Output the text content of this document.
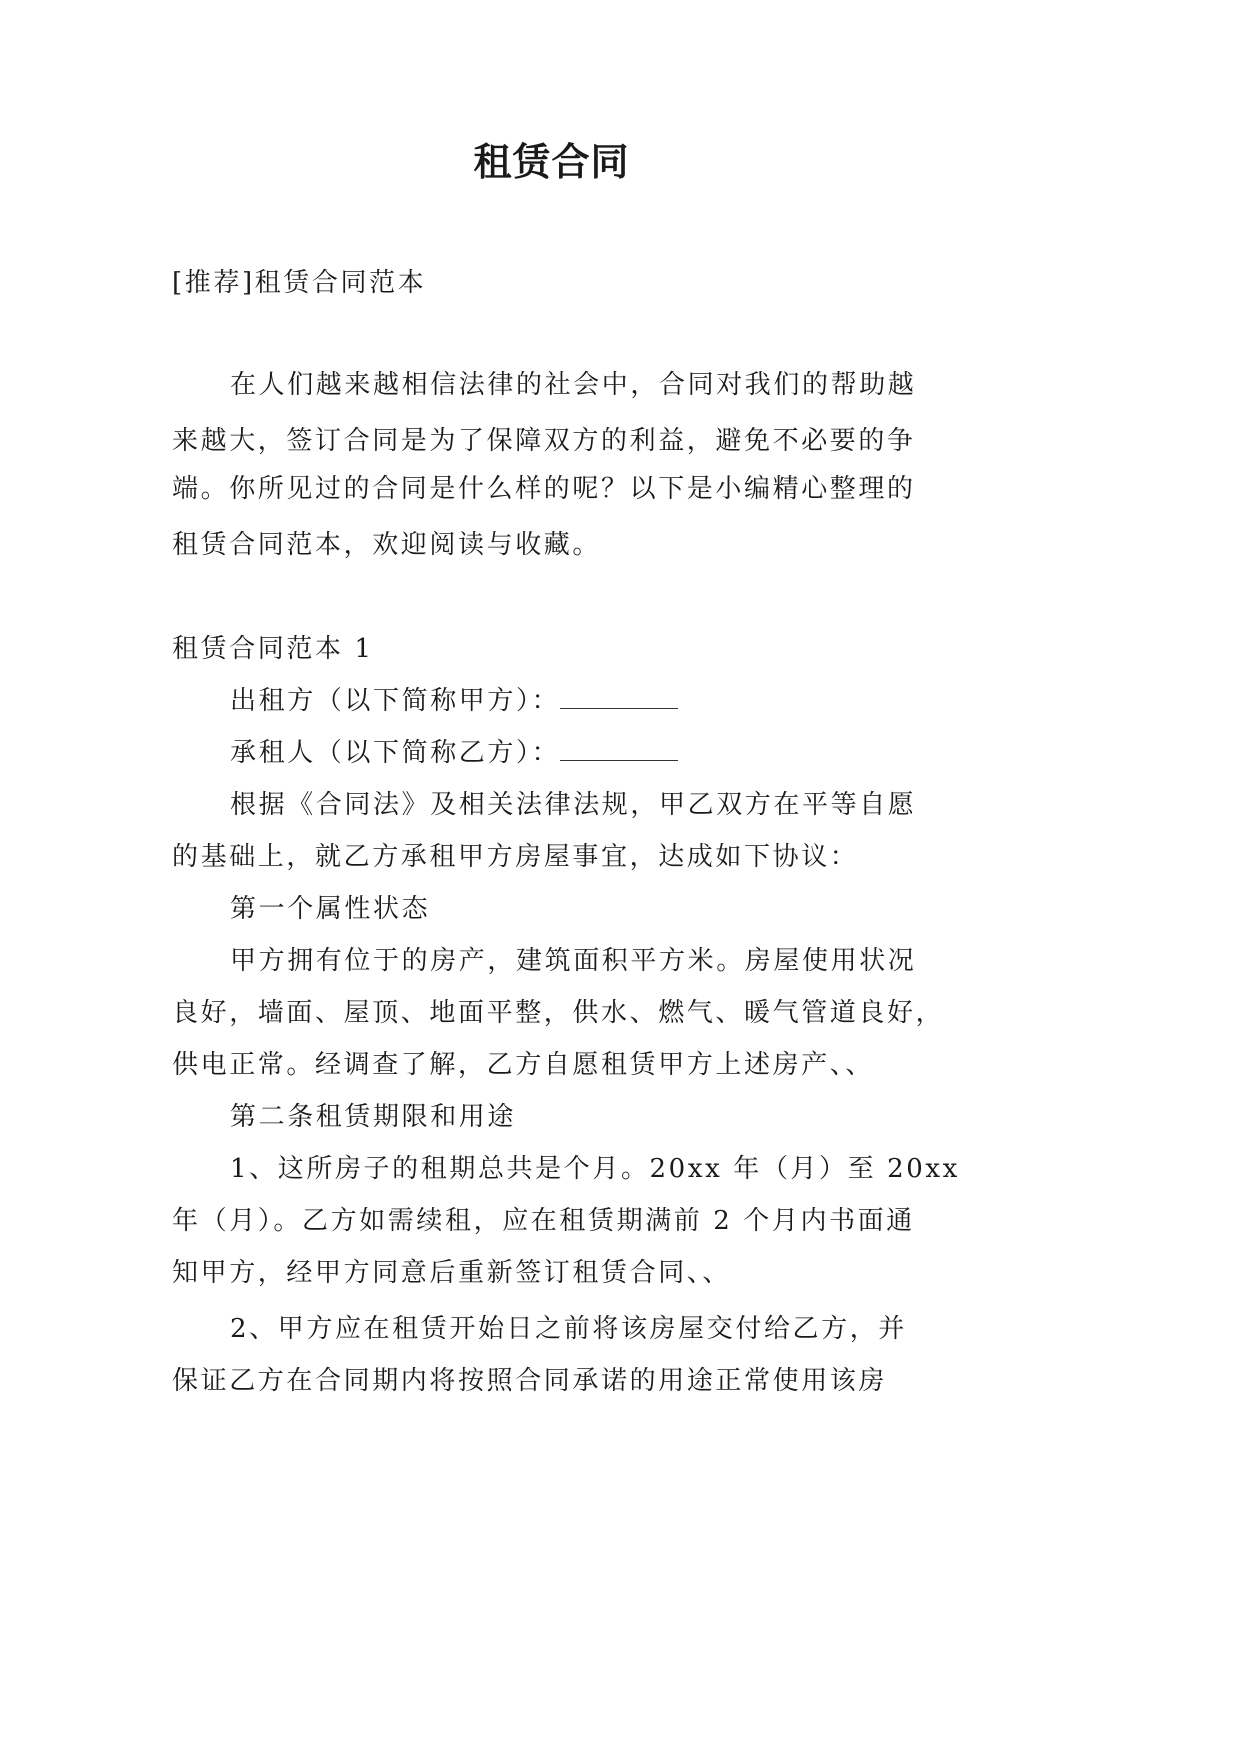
租赁合同
[推荐]租赁合同范本
在人们越来越相信法律的社会中，合同对我们的帮助越
来越大，签订合同是为了保障双方的利益，避免不必要的争
端。你所见过的合同是什么样的呢？以下是小编精心整理的
租赁合同范本，欢迎阅读与收藏。
租赁合同范本 1
出租方（以下简称甲方）：
承租人（以下简称乙方）：
根据《合同法》及相关法律法规，甲乙双方在平等自愿
的基础上，就乙方承租甲方房屋事宜，达成如下协议：
第一个属性状态
甲方拥有位于的房产，建筑面积平方米。房屋使用状况
良好，墙面、屋顶、地面平整，供水、燃气、暖气管道良好，
供电正常。经调查了解，乙方自愿租赁甲方上述房产、、
第二条租赁期限和用途
1、这所房子的租期总共是个月。20xx 年（月）至 20xx
年（月）。乙方如需续租，应在租赁期满前 2 个月内书面通
知甲方，经甲方同意后重新签订租赁合同、、
2、甲方应在租赁开始日之前将该房屋交付给乙方，并
保证乙方在合同期内将按照合同承诺的用途正常使用该房
